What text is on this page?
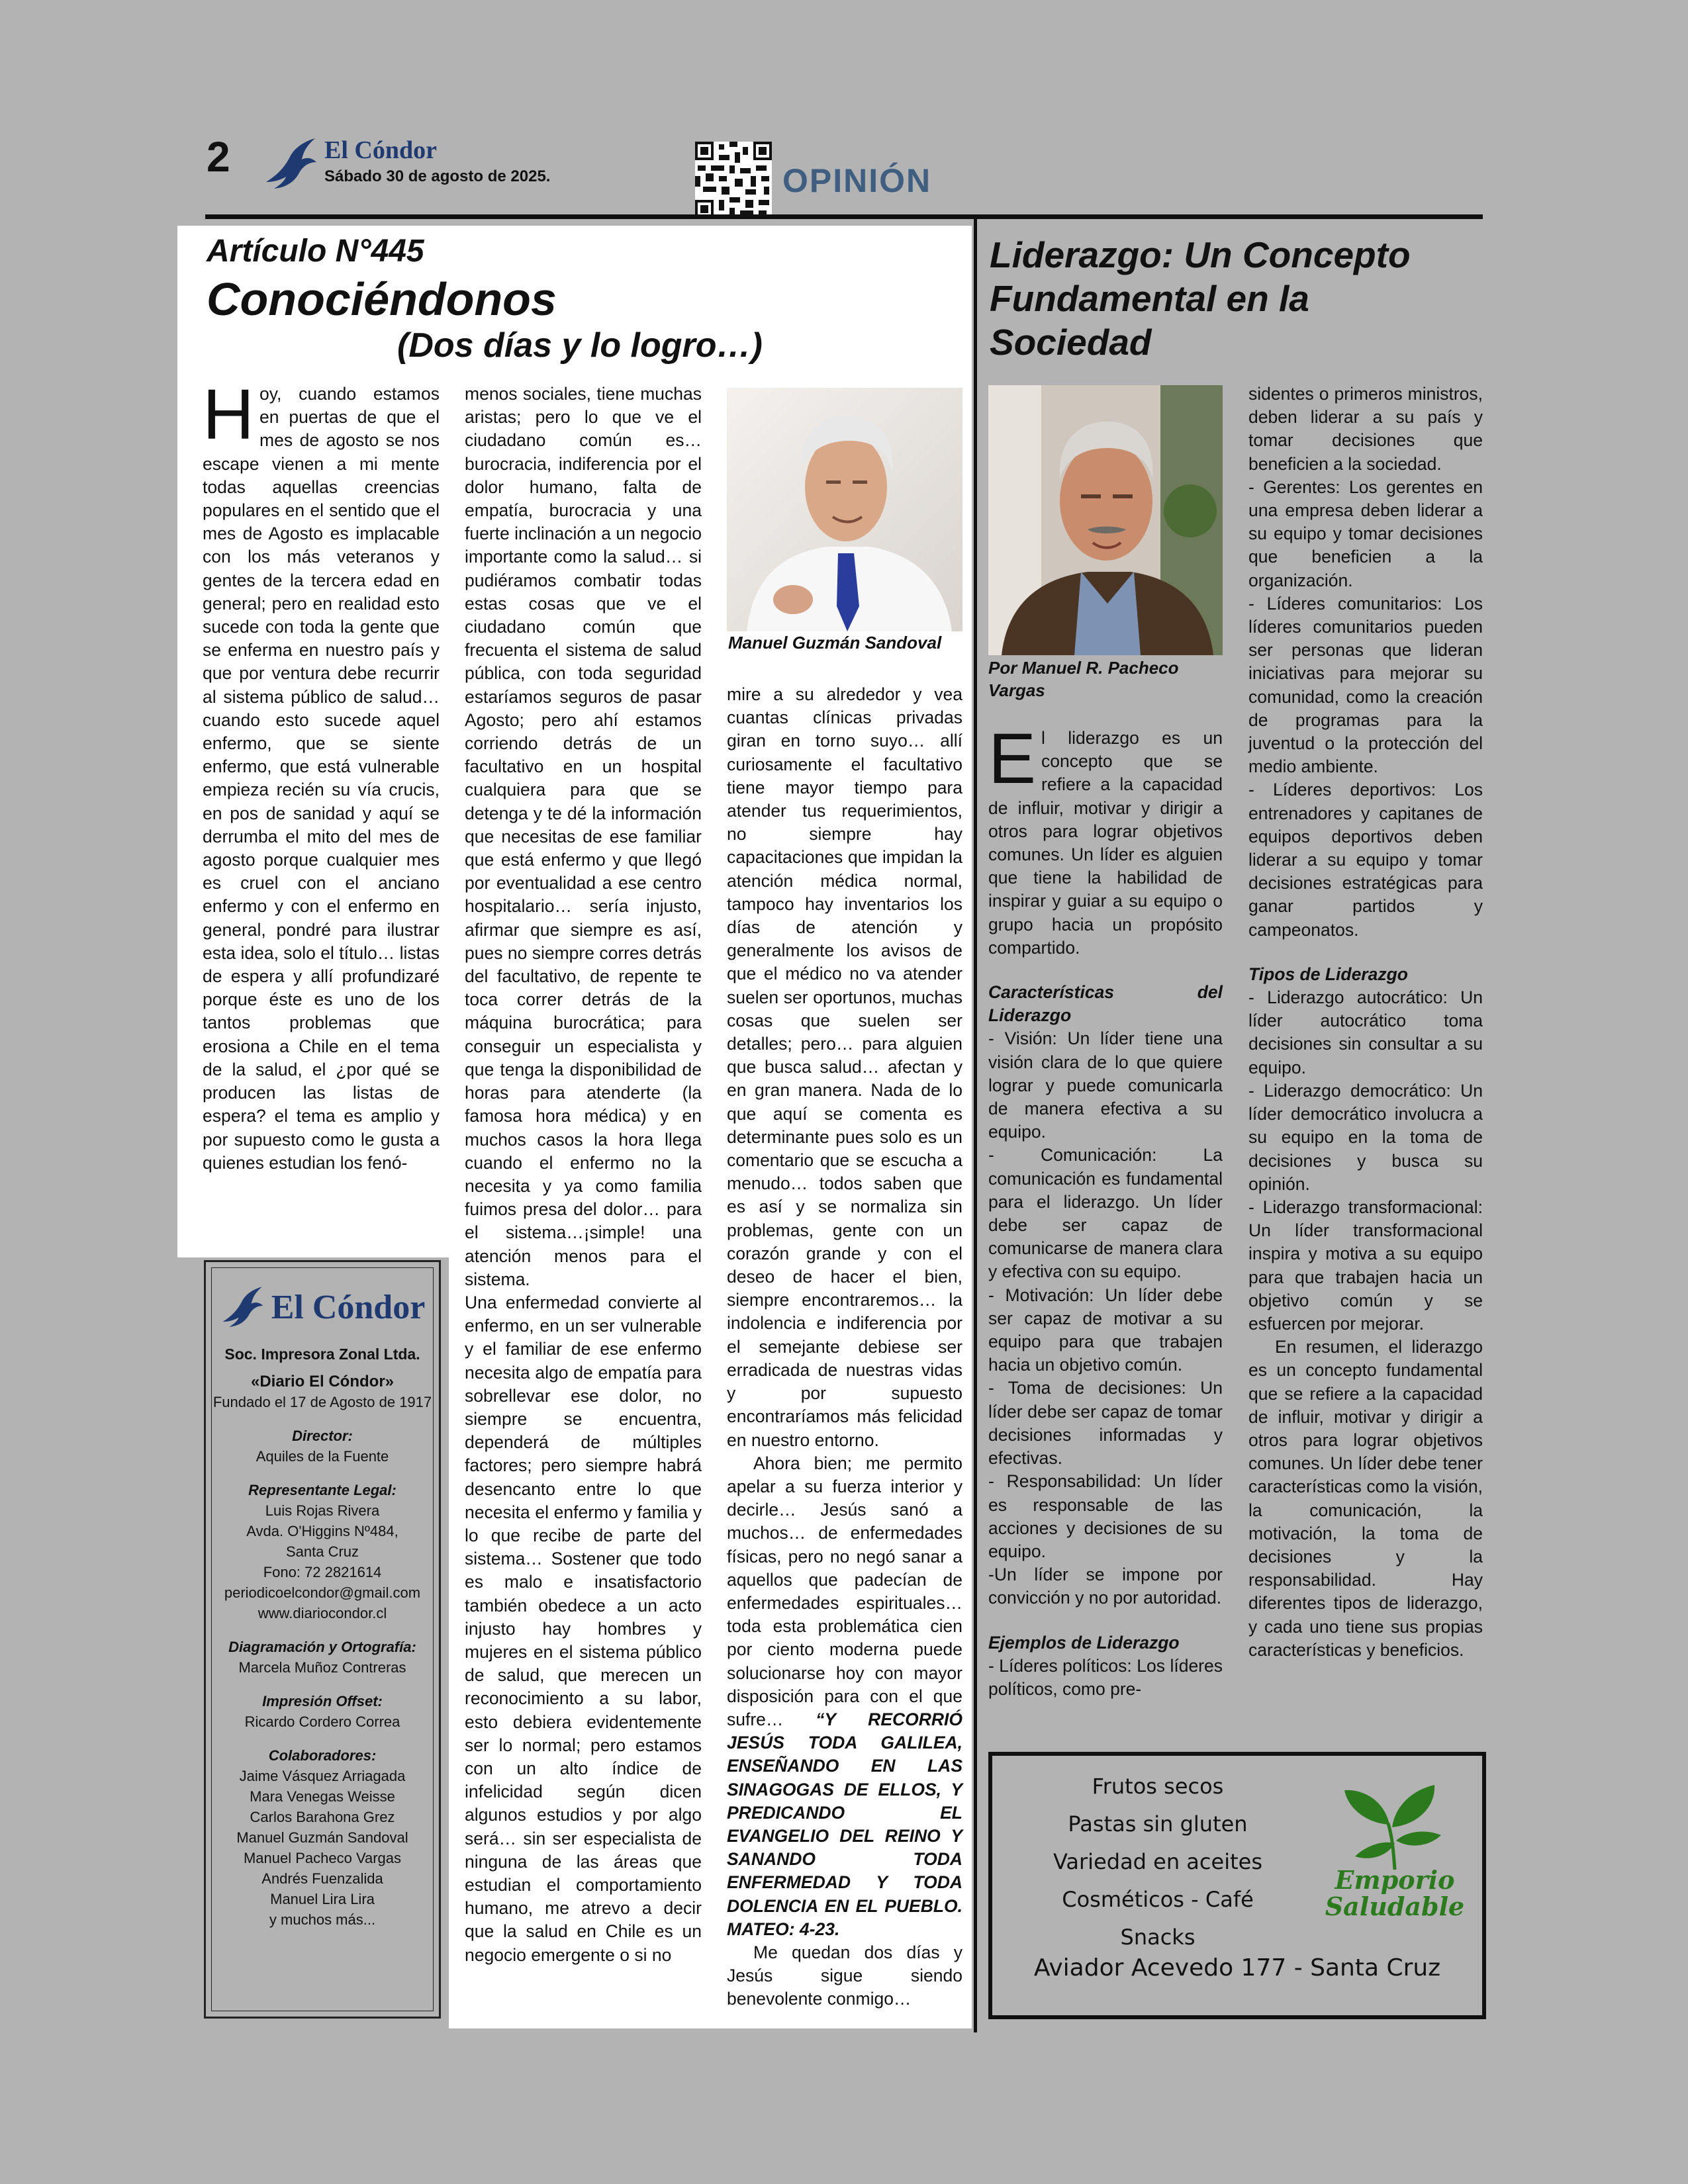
2	El Cóndor
Sábado 30 de agosto de 2025.	OPINIÓN
Artículo N°445
Conociéndonos
(Dos días y lo logro…)

Hoy, cuando estamos en puertas de que el mes de agosto se nos escape vienen a mi mente todas aquellas creencias populares en el sentido que el mes de Agosto es implacable con los más veteranos y gentes de la tercera edad en general; pero en realidad esto sucede con toda la gente que se enferma en nuestro país y que por ventura debe recurrir al sistema público de salud… cuando esto sucede aquel enfermo, que se siente enfermo, que está vulnerable empieza recién su vía crucis, en pos de sanidad y aquí se derrumba el mito del mes de agosto porque cualquier mes es cruel con el anciano enfermo y con el enfermo en general, pondré para ilustrar esta idea, solo el título… listas de espera y allí profundizaré porque éste es uno de los tantos problemas que erosiona a Chile en el tema de la salud, el ¿por qué se producen las listas de espera? el tema es amplio y por supuesto como le gusta a quienes estudian los fenó-

menos sociales, tiene muchas aristas; pero lo que ve el ciudadano común es… burocracia, indiferencia por el dolor humano, falta de empatía, burocracia y una fuerte inclinación a un negocio importante como la salud… si pudiéramos combatir todas estas cosas que ve el ciudadano común que frecuenta el sistema de salud pública, con toda seguridad estaríamos seguros de pasar Agosto; pero ahí estamos corriendo detrás de un facultativo en un hospital cualquiera para que se detenga y te dé la información que necesitas de ese familiar que está enfermo y que llegó por eventualidad a ese centro hospitalario… sería injusto, afirmar que siempre es así, pues no siempre corres detrás del facultativo, de repente te toca correr detrás de la máquina burocrática; para conseguir un especialista y que tenga la disponibilidad de horas para atenderte (la famosa hora médica) y en muchos casos la hora llega cuando el enfermo no la necesita y ya como familia fuimos presa del dolor… para el sistema…¡simple! una atención menos para el sistema.

Una enfermedad convierte al enfermo, en un ser vulnerable y el familiar de ese enfermo necesita algo de empatía para sobrellevar ese dolor, no siempre se encuentra, dependerá de múltiples factores; pero siempre habrá desencanto entre lo que necesita el enfermo y familia y lo que recibe de parte del sistema… Sostener que todo es malo e insatisfactorio también obedece a un acto injusto hay hombres y mujeres en el sistema público de salud, que merecen un reconocimiento a su labor, esto debiera evidentemente ser lo normal; pero estamos con un alto índice de infelicidad según dicen algunos estudios y por algo será… sin ser especialista de ninguna de las áreas que estudian el comportamiento humano, me atrevo a decir que la salud en Chile es un negocio emergente o si no

Manuel Guzmán Sandoval

mire a su alrededor y vea cuantas clínicas privadas giran en torno suyo… allí curiosamente el facultativo tiene mayor tiempo para atender tus requerimientos, no siempre hay capacitaciones que impidan la atención médica normal, tampoco hay inventarios los días de atención y generalmente los avisos de que el médico no va atender suelen ser oportunos, muchas cosas que suelen ser detalles; pero… para alguien que busca salud… afectan y en gran manera. Nada de lo que aquí se comenta es determinante pues solo es un comentario que se escucha a menudo… todos saben que es así y se normaliza sin problemas, gente con un corazón grande y con el deseo de hacer el bien, siempre encontraremos… la indolencia e indiferencia por el semejante debiese ser erradicada de nuestras vidas y por supuesto encontraríamos más felicidad en nuestro entorno.

Ahora bien; me permito apelar a su fuerza interior y decirle… Jesús sanó a muchos… de enfermedades físicas, pero no negó sanar a aquellos que padecían de enfermedades espirituales… toda esta problemática cien por ciento moderna puede solucionarse hoy con mayor disposición para con el que sufre… “Y RECORRIÓ JESÚS TODA GALILEA, ENSEÑANDO EN LAS SINAGOGAS DE ELLOS, Y PREDICANDO EL EVANGELIO DEL REINO Y SANANDO TODA ENFERMEDAD Y TODA DOLENCIA EN EL PUEBLO. MATEO: 4-23.

Me quedan dos días y Jesús sigue siendo benevolente conmigo…

El Cóndor
Soc. Impresora Zonal Ltda.
«Diario El Cóndor»
Fundado el 17 de Agosto de 1917
Director:
Aquiles de la Fuente
Representante Legal:
Luis Rojas Rivera
Avda. O'Higgins Nº484,
Santa Cruz
Fono: 72 2821614
periodicoelcondor@gmail.com
www.diariocondor.cl
Diagramación y Ortografía:
Marcela Muñoz Contreras
Impresión Offset:
Ricardo Cordero Correa
Colaboradores:
Jaime Vásquez Arriagada
Mara Venegas Weisse
Carlos Barahona Grez
Manuel Guzmán Sandoval
Manuel Pacheco Vargas
Andrés Fuenzalida
Manuel Lira Lira
y muchos más...
Liderazgo: Un Concepto Fundamental en la Sociedad
Por Manuel R. Pacheco Vargas

El liderazgo es un concepto que se refiere a la capacidad de influir, motivar y dirigir a otros para lograr objetivos comunes. Un líder es alguien que tiene la habilidad de inspirar y guiar a su equipo o grupo hacia un propósito compartido.

Características del Liderazgo

- Visión: Un líder tiene una visión clara de lo que quiere lograr y puede comunicarla de manera efectiva a su equipo.

- Comunicación: La comunicación es fundamental para el liderazgo. Un líder debe ser capaz de comunicarse de manera clara y efectiva con su equipo.

- Motivación: Un líder debe ser capaz de motivar a su equipo para que trabajen hacia un objetivo común.

- Toma de decisiones: Un líder debe ser capaz de tomar decisiones informadas y efectivas.

- Responsabilidad: Un líder es responsable de las acciones y decisiones de su equipo.

-Un líder se impone por convicción y no por autoridad.

Ejemplos de Liderazgo

- Líderes políticos: Los líderes políticos, como pre-

sidentes o primeros ministros, deben liderar a su país y tomar decisiones que beneficien a la sociedad.

- Gerentes: Los gerentes en una empresa deben liderar a su equipo y tomar decisiones que beneficien a la organización.

- Líderes comunitarios: Los líderes comunitarios pueden ser personas que lideran iniciativas para mejorar su comunidad, como la creación de programas para la juventud o la protección del medio ambiente.

- Líderes deportivos: Los entrenadores y capitanes de equipos deportivos deben liderar a su equipo y tomar decisiones estratégicas para ganar partidos y campeonatos.

Tipos de Liderazgo

- Liderazgo autocrático: Un líder autocrático toma decisiones sin consultar a su equipo.

- Liderazgo democrático: Un líder democrático involucra a su equipo en la toma de decisiones y busca su opinión.

- Liderazgo transformacional: Un líder transformacional inspira y motiva a su equipo para que trabajen hacia un objetivo común y se esfuercen por mejorar.

En resumen, el liderazgo es un concepto fundamental que se refiere a la capacidad de influir, motivar y dirigir a otros para lograr objetivos comunes. Un líder debe tener características como la visión, la comunicación, la motivación, la toma de decisiones y la responsabilidad. Hay diferentes tipos de liderazgo, y cada uno tiene sus propias características y beneficios.

Frutos secos
Pastas sin gluten
Variedad en aceites
Cosméticos - Café
Snacks
Emporio
Saludable
Aviador Acevedo 177 - Santa Cruz
